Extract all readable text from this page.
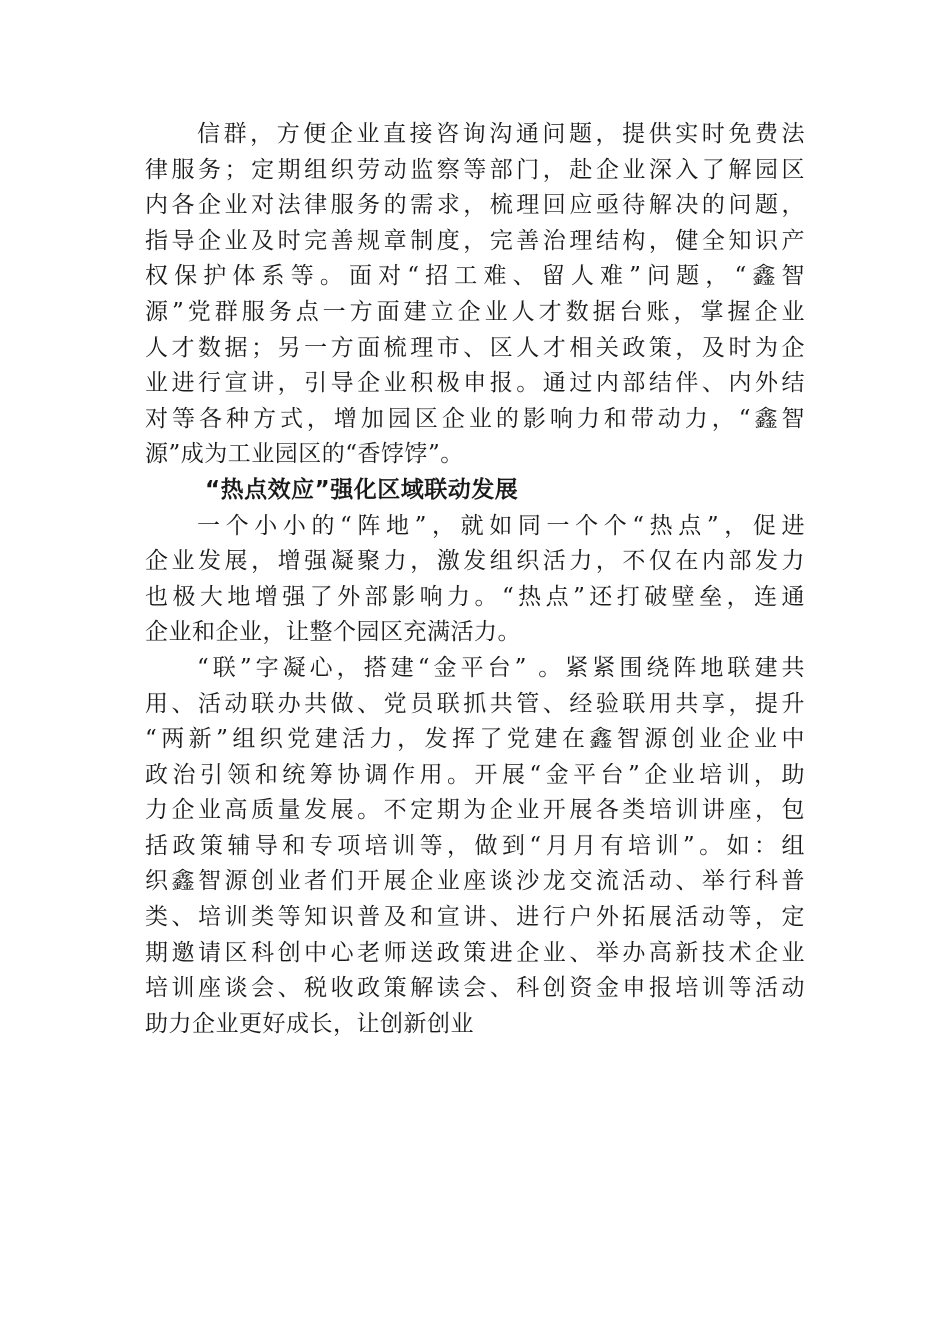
信群，方便企业直接咨询沟通问题，提供实时免费法
律服务；定期组织劳动监察等部门，赴企业深入了解园区
内各企业对法律服务的需求，梳理回应亟待解决的问题，
指导企业及时完善规章制度，完善治理结构，健全知识产
权保护体系等。面对“招工难、留人难”问题，“鑫智
源”党群服务点一方面建立企业人才数据台账，掌握企业
人才数据；另一方面梳理市、区人才相关政策，及时为企
业进行宣讲，引导企业积极申报。通过内部结伴、内外结
对等各种方式，增加园区企业的影响力和带动力，“鑫智
源”成为工业园区的“香饽饽”。
“热点效应”强化区域联动发展
一个小小的“阵地”，就如同一个个“热点”，促进
企业发展，增强凝聚力，激发组织活力，不仅在内部发力
也极大地增强了外部影响力。“热点”还打破壁垒，连通
企业和企业，让整个园区充满活力。
“联”字凝心，搭建“金平台” 。紧紧围绕阵地联建共
用、活动联办共做、党员联抓共管、经验联用共享，提升
“两新”组织党建活力，发挥了党建在鑫智源创业企业中
政治引领和统筹协调作用。开展“金平台”企业培训，助
力企业高质量发展。不定期为企业开展各类培训讲座，包
括政策辅导和专项培训等，做到“月月有培训”。如：组
织鑫智源创业者们开展企业座谈沙龙交流活动、举行科普
类、培训类等知识普及和宣讲、进行户外拓展活动等，定
期邀请区科创中心老师送政策进企业、举办高新技术企业
培训座谈会、税收政策解读会、科创资金申报培训等活动
助力企业更好成长，让创新创业
